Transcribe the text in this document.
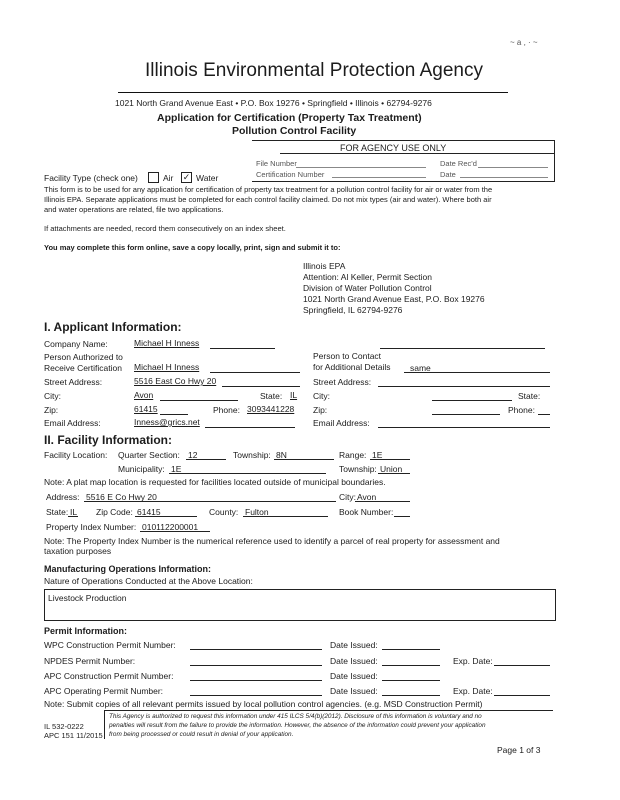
~ a , · ~
Illinois Environmental Protection Agency
1021 North Grand Avenue East • P.O. Box 19276 • Springfield • Illinois • 62794-9276
Application for Certification (Property Tax Treatment)
Pollution Control Facility
FOR AGENCY USE ONLY
File Number	Date Rec'd
Certification Number	Date
Facility Type (check one)	Air ✓ Water
This form is to be used for any application for certification of property tax treatment for a pollution control facility for air or water from the
Illinois EPA. Separate applications must be completed for each control facility claimed. Do not mix types (air and water). Where both air
and water operations are related, file two applications.
If attachments are needed, record them consecutively on an index sheet.
You may complete this form online, save a copy locally, print, sign and submit it to:
Illinois EPA
Attention: Al Keller, Permit Section
Division of Water Pollution Control
1021 North Grand Avenue East, P.O. Box 19276
Springfield, IL 62794-9276
I. Applicant Information:
Company Name:	Michael H Inness
Person Authorized to
Receive Certification Michael H Inness
Person to Contact
for Additional Details same
Street Address:	5516 East Co Hwy 20	Street Address:
City:	Avon	State: IL City:	State:
Zip:	61415	Phone: 3093441228 Zip:	Phone:
Email Address:	Inness@grics.net	Email Address:
II. Facility Information:
Facility Location: Quarter Section: 12	Township: 8N	Range: 1E
Municipality: 1E	Township: Union
Note: A plat map location is requested for facilities located outside of municipal boundaries.
Address: 5516 E Co Hwy 20	City: Avon
State: IL Zip Code: 61415	County: Fulton	Book Number:
Property Index Number: 010112200001
Note: The Property Index Number is the numerical reference used to identify a parcel of real property for assessment and
taxation purposes
Manufacturing Operations Information:
Nature of Operations Conducted at the Above Location:
Livestock Production
Permit Information:
WPC Construction Permit Number:	Date Issued:
NPDES Permit Number:	Date Issued:	Exp. Date:
APC Construction Permit Number:	Date Issued:
APC Operating Permit Number:	Date Issued:	Exp. Date:
Note: Submit copies of all relevant permits issued by local pollution control agencies. (e.g. MSD Construction Permit)
IL 532-0222
APC 151 11/2015
This Agency is authorized to request this information under 415 ILCS 5/4(b)(2012). Disclosure of this information is voluntary and no
penalties will result from the failure to provide the information. However, the absence of the information could prevent your application
from being processed or could result in denial of your application.
Page 1 of 3
